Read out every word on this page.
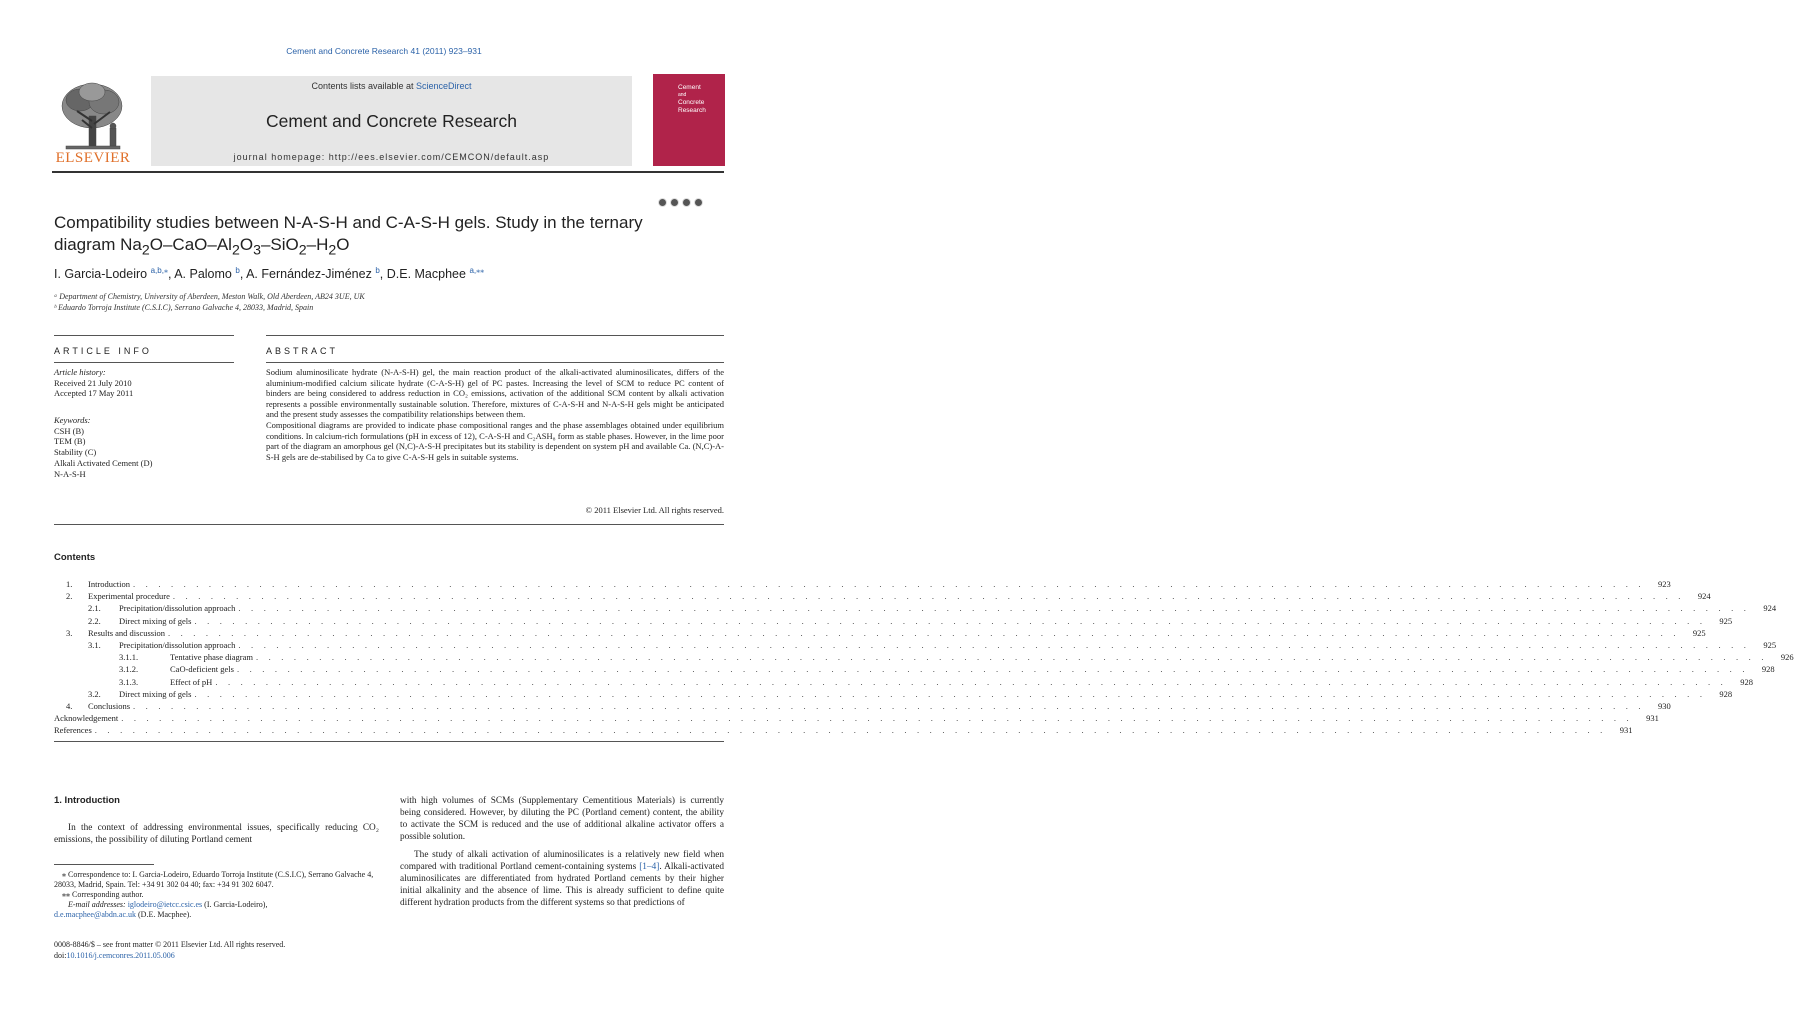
Cement and Concrete Research 41 (2011) 923–931
ELSEVIER
Contents lists available at ScienceDirect
Cement and Concrete Research
journal homepage: http://ees.elsevier.com/CEMCON/default.asp
Cement
and
Concrete
Research
Compatibility studies between N-A-S-H and C-A-S-H gels. Study in the ternary
diagram $Na_2O-CaO-Al_2O_3-SiO_2-H_2O$
I. Garcia-Lodeiro $^{a,b,⁎}$, A. Palomo $^b$, A. Fernández-Jiménez $^b$, D.E. Macphee $^{a,⁎⁎}$
ᵃ Department of Chemistry, University of Aberdeen, Meston Walk, Old Aberdeen, AB24 3UE, UK
ᵇ Eduardo Torroja Institute (C.S.I.C), Serrano Galvache 4, 28033, Madrid, Spain
ARTICLE INFO	ABSTRACT
Article history:
Received 21 July 2010
Accepted 17 May 2011
Keywords:
CSH (B)
TEM (B)
Stability (C)
Alkali Activated Cement (D)
N-A-S-H
Sodium aluminosilicate hydrate (N-A-S-H) gel, the main reaction product of the alkali-activated aluminosilicates, differs of the aluminium-modified calcium silicate hydrate (C-A-S-H) gel of PC pastes. Increasing the level of SCM to reduce PC content of binders are being considered to address reduction in CO₂ emissions, activation of the additional SCM content by alkali activation represents a possible environmentally sustainable solution. Therefore, mixtures of C-A-S-H and N-A-S-H gels might be anticipated and the present study assesses the compatibility relationships between them.
Compositional diagrams are provided to indicate phase compositional ranges and the phase assemblages obtained under equilibrium conditions. In calcium-rich formulations (pH in excess of 12), C-A-S-H and C₂ASH₈ form as stable phases. However, in the lime poor part of the diagram an amorphous gel (N,C)-A-S-H precipitates but its stability is dependent on system pH and available Ca. (N,C)-A-S-H gels are de-stabilised by Ca to give C-A-S-H gels in suitable systems.
© 2011 Elsevier Ltd. All rights reserved.
Contents
1.	Introduction . . . . . . . . . . . . . . . . . . . . . . . . . . . . . . . . . . . . . . . . . . . . . . . . . . . . . . . . . . . . . . . . . . . . . . . . . . . . . . . . . . . . . . . . . . . . . . . . . . . . . . . . . . . . . . . . . . . . . . . .	923
2.	Experimental procedure . . . . . . . . . . . . . . . . . . . . . . . . . . . . . . . . . . . . . . . . . . . . . . . . . . . . . . . . . . . . . . . . . . . . . . . . . . . . . . . . . . . . . . . . . . . . . . . . . . . . . . . . . . . . . . . . . . . . . . . .	924
2.1.	Precipitation/dissolution approach . . . . . . . . . . . . . . . . . . . . . . . . . . . . . . . . . . . . . . . . . . . . . . . . . . . . . . . . . . . . . . . . . . . . . . . . . . . . . . . . . . . . . . . . . . . . . . . . . . . . . . . . . . . . . . . . . . . . . . . .	924
2.2.	Direct mixing of gels . . . . . . . . . . . . . . . . . . . . . . . . . . . . . . . . . . . . . . . . . . . . . . . . . . . . . . . . . . . . . . . . . . . . . . . . . . . . . . . . . . . . . . . . . . . . . . . . . . . . . . . . . . . . . . . . . . . . . . . .	925
3.	Results and discussion . . . . . . . . . . . . . . . . . . . . . . . . . . . . . . . . . . . . . . . . . . . . . . . . . . . . . . . . . . . . . . . . . . . . . . . . . . . . . . . . . . . . . . . . . . . . . . . . . . . . . . . . . . . . . . . . . . . . . . . .	925
3.1.	Precipitation/dissolution approach . . . . . . . . . . . . . . . . . . . . . . . . . . . . . . . . . . . . . . . . . . . . . . . . . . . . . . . . . . . . . . . . . . . . . . . . . . . . . . . . . . . . . . . . . . . . . . . . . . . . . . . . . . . . . . . . . . . . . . . .	925
3.1.1.	Tentative phase diagram . . . . . . . . . . . . . . . . . . . . . . . . . . . . . . . . . . . . . . . . . . . . . . . . . . . . . . . . . . . . . . . . . . . . . . . . . . . . . . . . . . . . . . . . . . . . . . . . . . . . . . . . . . . . . . . . . . . . . . . .	926
3.1.2.	CaO-deficient gels . . . . . . . . . . . . . . . . . . . . . . . . . . . . . . . . . . . . . . . . . . . . . . . . . . . . . . . . . . . . . . . . . . . . . . . . . . . . . . . . . . . . . . . . . . . . . . . . . . . . . . . . . . . . . . . . . . . . . . . .	928
3.1.3.	Effect of pH . . . . . . . . . . . . . . . . . . . . . . . . . . . . . . . . . . . . . . . . . . . . . . . . . . . . . . . . . . . . . . . . . . . . . . . . . . . . . . . . . . . . . . . . . . . . . . . . . . . . . . . . . . . . . . . . . . . . . . . .	928
3.2.	Direct mixing of gels . . . . . . . . . . . . . . . . . . . . . . . . . . . . . . . . . . . . . . . . . . . . . . . . . . . . . . . . . . . . . . . . . . . . . . . . . . . . . . . . . . . . . . . . . . . . . . . . . . . . . . . . . . . . . . . . . . . . . . . .	928
4.	Conclusions . . . . . . . . . . . . . . . . . . . . . . . . . . . . . . . . . . . . . . . . . . . . . . . . . . . . . . . . . . . . . . . . . . . . . . . . . . . . . . . . . . . . . . . . . . . . . . . . . . . . . . . . . . . . . . . . . . . . . . . .	930
Acknowledgement . . . . . . . . . . . . . . . . . . . . . . . . . . . . . . . . . . . . . . . . . . . . . . . . . . . . . . . . . . . . . . . . . . . . . . . . . . . . . . . . . . . . . . . . . . . . . . . . . . . . . . . . . . . . . . . . . . . . . . . .	931
References . . . . . . . . . . . . . . . . . . . . . . . . . . . . . . . . . . . . . . . . . . . . . . . . . . . . . . . . . . . . . . . . . . . . . . . . . . . . . . . . . . . . . . . . . . . . . . . . . . . . . . . . . . . . . . . . . . . . . . . .	931
1. Introduction
In the context of addressing environmental issues, specifically reducing CO₂ emissions, the possibility of diluting Portland cement
with high volumes of SCMs (Supplementary Cementitious Materials) is currently being considered. However, by diluting the PC (Portland cement) content, the ability to activate the SCM is reduced and the use of additional alkaline activator offers a possible solution.
The study of alkali activation of aluminosilicates is a relatively new field when compared with traditional Portland cement-containing systems [1–4]. Alkali-activated aluminosilicates are differentiated from hydrated Portland cements by their higher initial alkalinity and the absence of lime. This is already sufficient to define quite different hydration products from the different systems so that predictions of
⁎ Correspondence to: I. Garcia-Lodeiro, Eduardo Torroja Institute (C.S.I.C), Serrano Galvache 4, 28033, Madrid, Spain. Tel: +34 91 302 04 40; fax: +34 91 302 6047.
⁎⁎ Corresponding author.
E-mail addresses: iglodeiro@ietcc.csic.es (I. Garcia-Lodeiro),
d.e.macphee@abdn.ac.uk (D.E. Macphee).
0008-8846/$ – see front matter © 2011 Elsevier Ltd. All rights reserved.
doi:10.1016/j.cemconres.2011.05.006
